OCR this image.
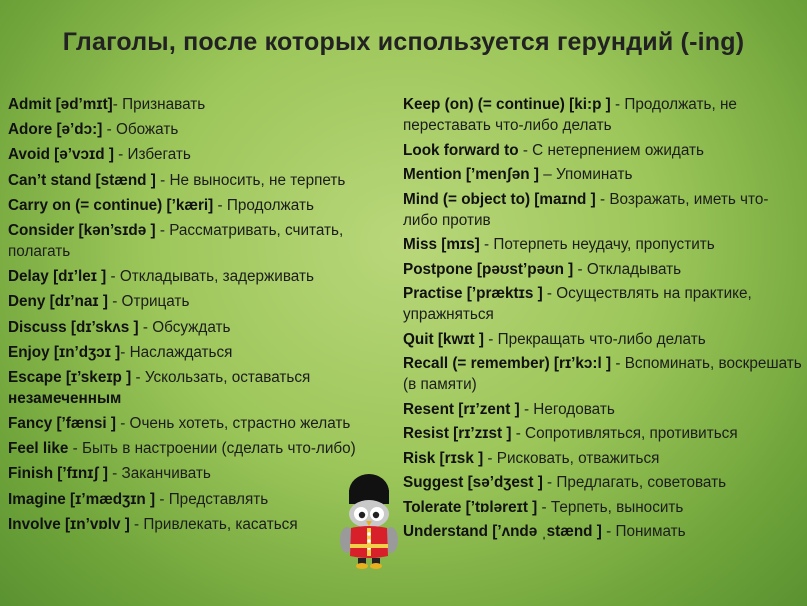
Глаголы, после которых используется герундий (-ing)
Admit [əd’mɪt]- Признавать
Adore [ə’dɔ:] - Обожать
Avoid [ə’vɔɪd ] - Избегать
Can’t stand [stænd ] - Не выносить, не терпеть
Carry on (= continue) [’kæri] - Продолжать
Consider [kən’sɪdə ] - Рассматривать, считать, полагать
Delay [dɪ’leɪ ] - Откладывать, задерживать
Deny [dɪ’naɪ ] - Отрицать
Discuss [dɪ’skʌs ] - Обсуждать
Enjoy [ɪn’dʒɔɪ ]- Наслаждаться
Escape [ɪ’skeɪp ] - Ускользать, оставаться незамеченным
Fancy [’fænsi ] - Очень хотеть, страстно желать
Feel like - Быть в настроении (сделать что-либо)
Finish [’fɪnɪʃ ] - Заканчивать
Imagine [ɪ’mædʒɪn ] - Представлять
Involve [ɪn’vɒlv ] - Привлекать, касаться
Keep (on) (= continue) [ki:p ] - Продолжать, не переставать что-либо делать
Look forward to - С нетерпением ожидать
Mention [’menʃən ] – Упоминать
Mind (= object to) [maɪnd ] - Возражать, иметь что-либо против
Miss [mɪs] - Потерпеть неудачу, пропустить
Postpone [pəʊst’pəʊn ] - Откладывать
Practise [’præktɪs ] - Осуществлять на практике, упражняться
Quit [kwɪt ] - Прекращать что-либо делать
Recall (= remember) [rɪ’kɔ:l ] - Вспоминать, воскрешать (в памяти)
Resent [rɪ’zent ] - Негодовать
Resist [rɪ’zɪst ] - Сопротивляться, противиться
Risk [rɪsk ] - Рисковать, отважиться
Suggest [sə’dʒest ] - Предлагать, советовать
Tolerate [’tɒləreɪt ] - Терпеть, выносить
Understand [’ʌndə ˌstænd ] - Понимать
